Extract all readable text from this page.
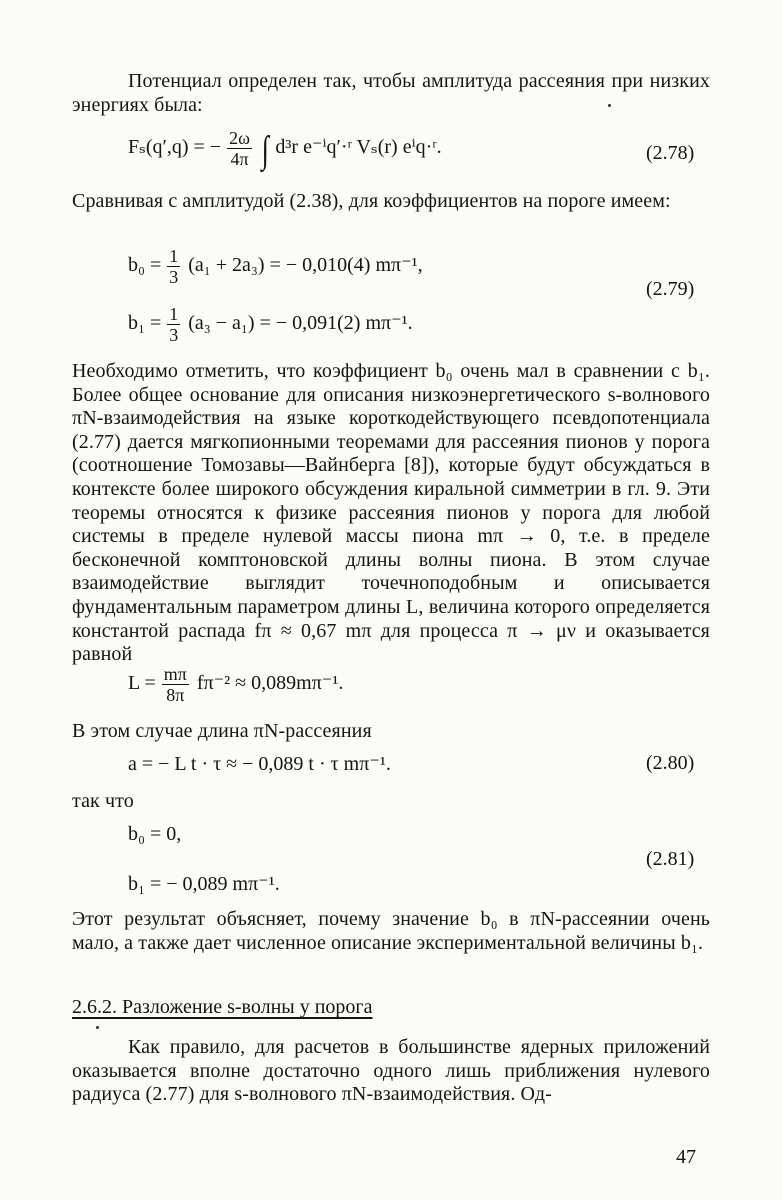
Потенциал определен так, чтобы амплитуда рассеяния при низких энергиях была:

Fₛ(q′,q) = − $\frac{2\omega}{4\pi}$ ∫ d³r e⁻ⁱq′·ʳ Vₛ(r) eⁱq·ʳ.	(2.78)

Сравнивая с амплитудой (2.38), для коэффициентов на пороге имеем:

$b_0 = \frac{1}{3} (a_1 + 2a_3)$ = − 0,010(4) mπ⁻¹,
(2.79)
$b_1 = \frac{1}{3} (a_3 - a_1)$ = − 0,091(2) mπ⁻¹.

Необходимо отметить, что коэффициент b₀ очень мал в сравнении с b₁. Более общее основание для описания низкоэнергетического s-волнового πN-взаимодействия на языке короткодействующего псевдопотенциала (2.77) дается мягкопионными теоремами для рассеяния пионов у порога (соотношение Томозавы—Вайнберга [8]), которые будут обсуждаться в контексте более широкого обсуждения киральной симметрии в гл. 9. Эти теоремы относятся к физике рассеяния пионов у порога для любой системы в пределе нулевой массы пиона mπ → 0, т.е. в пределе бесконечной комптоновской длины волны пиона. В этом случае взаимодействие выглядит точечноподобным и описывается фундаментальным параметром длины L, величина которого определяется константой распада fπ ≈ 0,67 mπ для процесса π → μν и оказывается равной

$L = \frac{m\pi}{8\pi} f\pi^{-2} \approx 0,089m\pi^{-1}$.

В этом случае длина πN-рассеяния

a = − L t · τ ≈ − 0,089 t · τ mπ⁻¹.	(2.80)

так что

b₀ = 0,
(2.81)
b₁ = − 0,089 mπ⁻¹.

Этот результат объясняет, почему значение b₀ в πN-рассеянии очень мало, а также дает численное описание экспериментальной величины b₁.

2.6.2. Разложение s-волны у порога

Как правило, для расчетов в большинстве ядерных приложений оказывается вполне достаточно одного лишь приближения нулевого радиуса (2.77) для s-волнового πN-взаимодействия. Од-

47
